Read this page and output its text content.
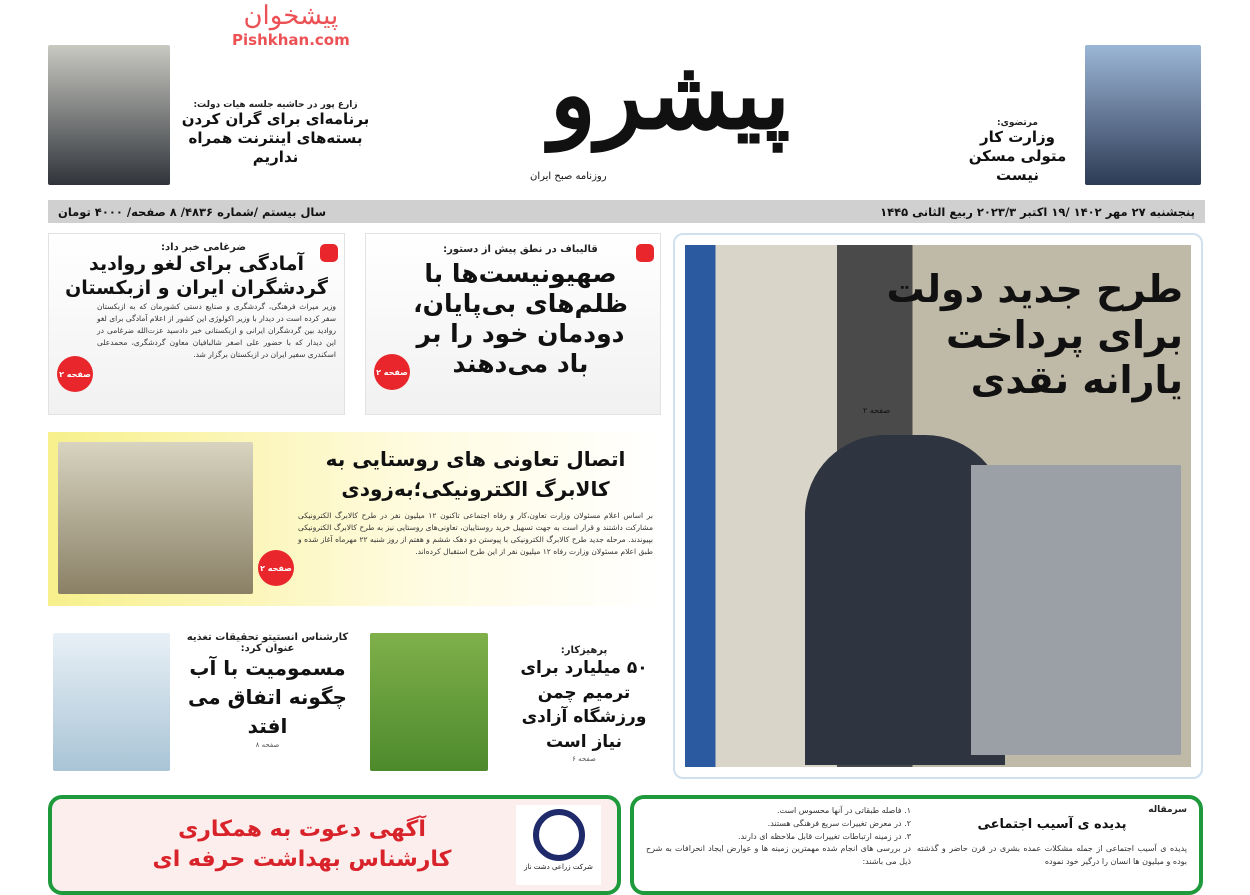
مرتضوی:
وزارت کار متولی مسکن نیست
پیشرو
روزنامه صبح ایران
زارع پور در حاشیه جلسه هیات دولت:
برنامه‌ای برای گران کردن بسته‌های اینترنت همراه نداریم
پیشخوان
Pishkhan.com
سال بیستم /شماره ۴۸۳۶/ ۸ صفحه/ ۴۰۰۰ تومان	پنجشنبه ۲۷ مهر ۱۴۰۲ /۱۹ اکتبر ۲۰۲۳/۳ ربیع الثانی ۱۴۴۵
طرح جدید دولت برای پرداخت یارانه نقدی
صفحه ۲
قالیباف در نطق پیش از دستور:
صهیونیست‌ها با ظلم‌های بی‌پایان، دودمان خود را بر باد می‌دهند
صفحه ۲
ضرغامی خبر داد:
آمادگی برای لغو روادید گردشگران ایران و ازبکستان
وزیر میراث فرهنگی، گردشگری و صنایع دستی کشورمان که به ازبکستان سفر کرده است در دیدار با وزیر اکولوژی این کشور از اعلام آمادگی برای لغو روادید بین گردشگران ایرانی و ازبکستانی خبر دادسید عزت‌الله ضرغامی در این دیدار که با حضور علی اصغر شالبافیان معاون گردشگری، محمدعلی اسکندری سفیر ایران در ازبکستان برگزار شد.
صفحه ۲
صفحه ۲
اتصال تعاونی های روستایی به کالابرگ الکترونیکی؛به‌زودی
بر اساس اعلام مسئولان وزارت تعاون،کار و رفاه اجتماعی تاکنون ۱۲ میلیون نفر در طرح کالابرگ الکترونیکی مشارکت داشتند و قرار است به جهت تسهیل خرید روستاییان، تعاونی‌های روستایی نیز به طرح کالابرگ الکترونیکی بپیوندند. مرحله جدید طرح کالابرگ الکترونیکی با پیوستن دو دهک ششم و هفتم از روز شنبه ۲۲ مهرماه آغاز شده و طبق اعلام مسئولان وزارت رفاه ۱۲ میلیون نفر از این طرح استقبال کرده‌اند.
پرهیزکار:
۵۰ میلیارد برای ترمیم چمن ورزشگاه آزادی نیاز است
صفحه ۶
کارشناس انستیتو تحقیقات تغذیه عنوان کرد:
مسمومیت با آب چگونه اتفاق می افتد
صفحه ۸
شرکت زراعی دشت ناز
آگهی دعوت به همکاری
کارشناس بهداشت حرفه ای
سرمقاله
پدیده ی آسیب اجتماعی
پدیده ی آسیب اجتماعی از جمله مشکلات عمده بشری در قرن حاضر و گذشته بوده و میلیون ها انسان را درگیر خود نموده
۱. فاصله طبقاتی در آنها محسوس است.
۲. در معرض تغییرات سریع فرهنگی هستند.
۳. در زمینه ارتباطات تغییرات قابل ملاحظه ای دارند.
در بررسی های انجام شده مهمترین زمینه ها و عوارض ایجاد انحرافات به شرح ذیل می باشند:
